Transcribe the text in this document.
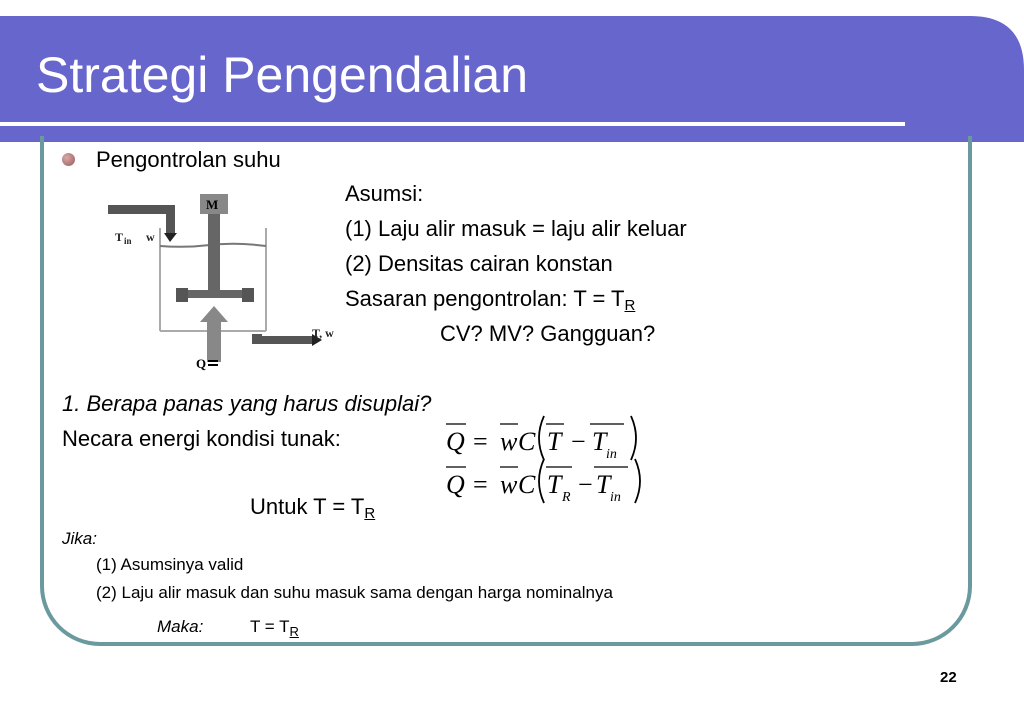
Strategi Pengendalian
Pengontrolan suhu
T in w
M
Q
T, w
Asumsi:
(1) Laju alir masuk = laju alir keluar
(2) Densitas cairan konstan
Sasaran pengontrolan: T = TR
CV? MV? Gangguan?
1. Berapa panas yang harus disuplai?
Necara energi kondisi tunak:	Q = w C T − T in
Q = w C T R − T in
Untuk T = TR
Jika:
(1) Asumsinya valid
(2) Laju alir masuk dan suhu masuk sama dengan harga nominalnya
Maka:	$T = T_R$
22
